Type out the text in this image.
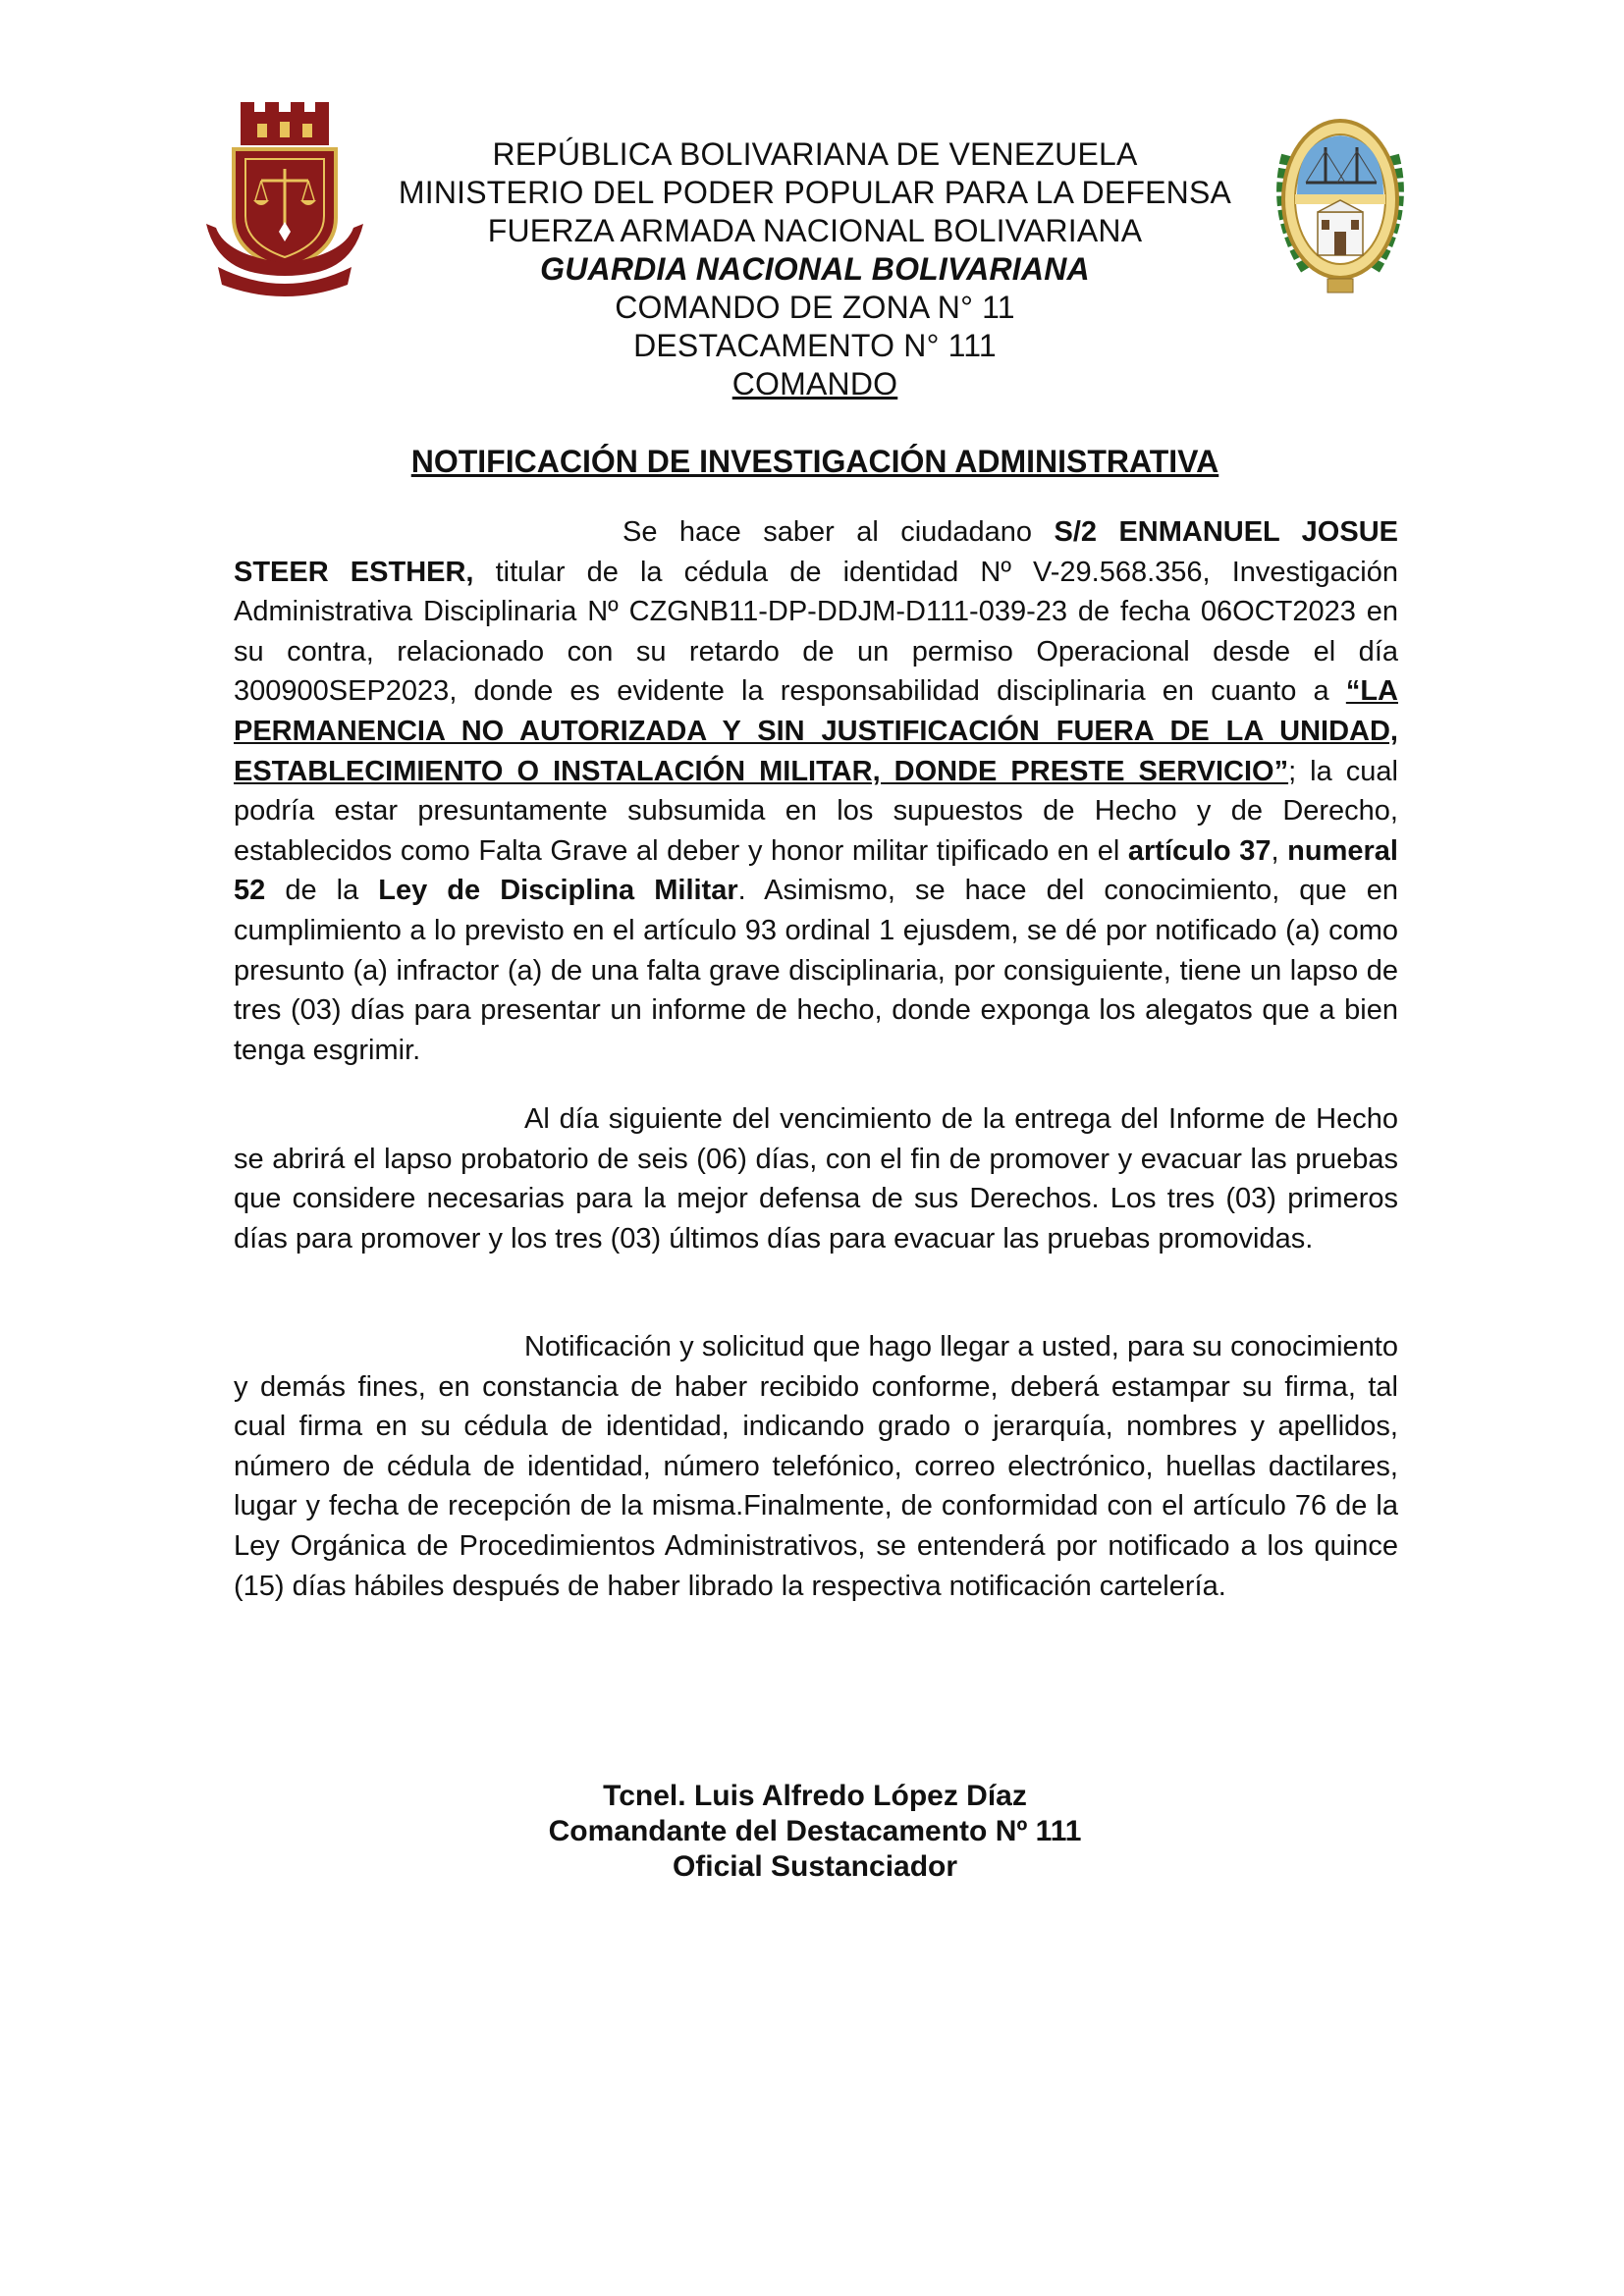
REPÚBLICA BOLIVARIANA DE VENEZUELA
MINISTERIO DEL PODER POPULAR PARA LA DEFENSA
FUERZA ARMADA NACIONAL BOLIVARIANA
GUARDIA NACIONAL BOLIVARIANA
COMANDO DE ZONA N° 11
DESTACAMENTO N° 111
COMANDO
NOTIFICACIÓN DE INVESTIGACIÓN ADMINISTRATIVA
Se hace saber al ciudadano S/2 ENMANUEL JOSUE STEER ESTHER, titular de la cédula de identidad Nº V-29.568.356, Investigación Administrativa Disciplinaria Nº CZGNB11-DP-DDJM-D111-039-23 de fecha 06OCT2023 en su contra, relacionado con su retardo de un permiso Operacional desde el día 300900SEP2023, donde es evidente la responsabilidad disciplinaria en cuanto a “LA PERMANENCIA NO AUTORIZADA Y SIN JUSTIFICACIÓN FUERA DE LA UNIDAD, ESTABLECIMIENTO O INSTALACIÓN MILITAR, DONDE PRESTE SERVICIO”; la cual podría estar presuntamente subsumida en los supuestos de Hecho y de Derecho, establecidos como Falta Grave al deber y honor militar tipificado en el artículo 37, numeral 52 de la Ley de Disciplina Militar. Asimismo, se hace del conocimiento, que en cumplimiento a lo previsto en el artículo 93 ordinal 1 ejusdem, se dé por notificado (a) como presunto (a) infractor (a) de una falta grave disciplinaria, por consiguiente, tiene un lapso de tres (03) días para presentar un informe de hecho, donde exponga los alegatos que a bien tenga esgrimir.
Al día siguiente del vencimiento de la entrega del Informe de Hecho se abrirá el lapso probatorio de seis (06) días, con el fin de promover y evacuar las pruebas que considere necesarias para la mejor defensa de sus Derechos. Los tres (03) primeros días para promover y los tres (03) últimos días para evacuar las pruebas promovidas.
Notificación y solicitud que hago llegar a usted, para su conocimiento y demás fines, en constancia de haber recibido conforme, deberá estampar su firma, tal cual firma en su cédula de identidad, indicando grado o jerarquía, nombres y apellidos, número de cédula de identidad, número telefónico, correo electrónico, huellas dactilares, lugar y fecha de recepción de la misma.Finalmente, de conformidad con el artículo 76 de la Ley Orgánica de Procedimientos Administrativos, se entenderá por notificado a los quince (15) días hábiles después de haber librado la respectiva notificación cartelería.
Tcnel. Luis Alfredo López Díaz
Comandante del Destacamento Nº 111
Oficial Sustanciador
